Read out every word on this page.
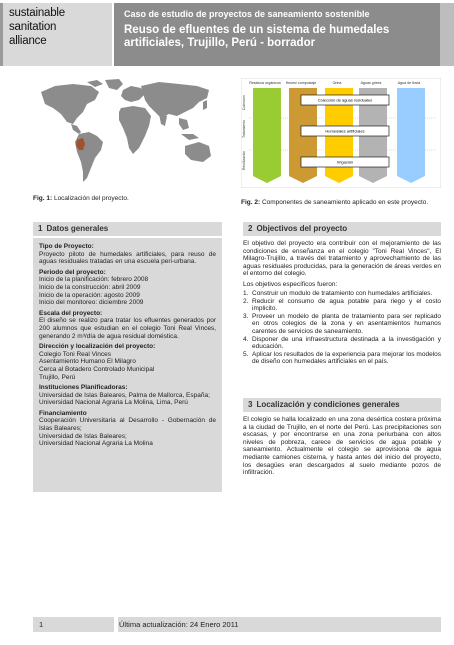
sustainable
sanitation
alliance
Caso de estudio de proyectos de saneamiento sostenible
Reuso de efluentes de un sistema de humedales artificiales, Trujillo, Perú - borrador
Fig. 1: Localización del proyecto.
Residuos orgánicos Heces/ compostaje	Orina	Aguas grises	Agua de lluvia
Colección
Tratamiento
Reutilización
Colección de aguas residuales
Humedales artificiales
Irrigación
Fig. 2: Componentes de saneamiento aplicado en este proyecto.
1 Datos generales
Tipo de Proyecto:
Proyecto piloto de humedales artificiales, para reuso de aguas residuales tratadas en una escuela peri-urbana.
Periodo del proyecto:
Inicio de la planificación: febrero 2008
Inicio de la construcción: abril 2009
Inicio de la operación: agosto 2009
Inicio del monitoreo: diciembre 2009
Escala del proyecto:
El diseño se realizo para tratar los efluentes generados por 200 alumnos que estudian en el colegio Toni Real Vinces, generando 2 m³/día de agua residual doméstica.
Dirección y localización del proyecto:
Colegio Toni Real Vinces
Asentamiento Humano El Milagro
Cerca al Botadero Controlado Municipal
Trujillo, Perú
Instituciones Planificadoras:
Universidad de Islas Baleares, Palma de Mallorca, España;
Universidad Nacional Agraria La Molina, Lima, Perú
Financiamiento
Cooperación Universitaria al Desarrollo - Gobernación de Islas Baleares;
Universidad de Islas Baleares;
Universidad Nacional Agraria La Molina
2 Objectivos del proyecto
El objetivo del proyecto era contribuir con el mejoramiento de las condiciones de enseñanza en el colegio "Toni Real Vinces", El Milagro-Trujillo, a través del tratamiento y aprovechamiento de las aguas residuales producidas, para la generación de áreas verdes en el entorno del colegio.
Los objetivos específicos fueron:
1. Construir un modulo de tratamiento con humedales artificiales.
2. Reducir el consumo de agua potable para riego y el costo implicito.
3. Proveer un modelo de planta de tratamiento para ser replicado en otros colegios de la zona y en asentamientos humanos carentes de servicios de saneamiento.
4. Disponer de una infraestructura destinada a la investigación y educación.
5. Aplicar los resultados de la experiencia para mejorar los modelos de diseño con humedales artificiales en el país.
3 Localización y condiciones generales
El colegio se halla localizado en una zona desértica costera próxima a la ciudad de Trujillo, en el norte del Perú. Las precipitaciones son escasas, y por encontrarse en una zona periurbana con altos niveles de pobreza, carece de servicios de agua potable y saneamiento. Actualmente el colegio se aprovisiona de agua mediante camiones cisterna, y hasta antes del inicio del proyecto, los desagües eran descargados al suelo mediante pozos de infiltración.
1	Última actualización: 24 Enero 2011
